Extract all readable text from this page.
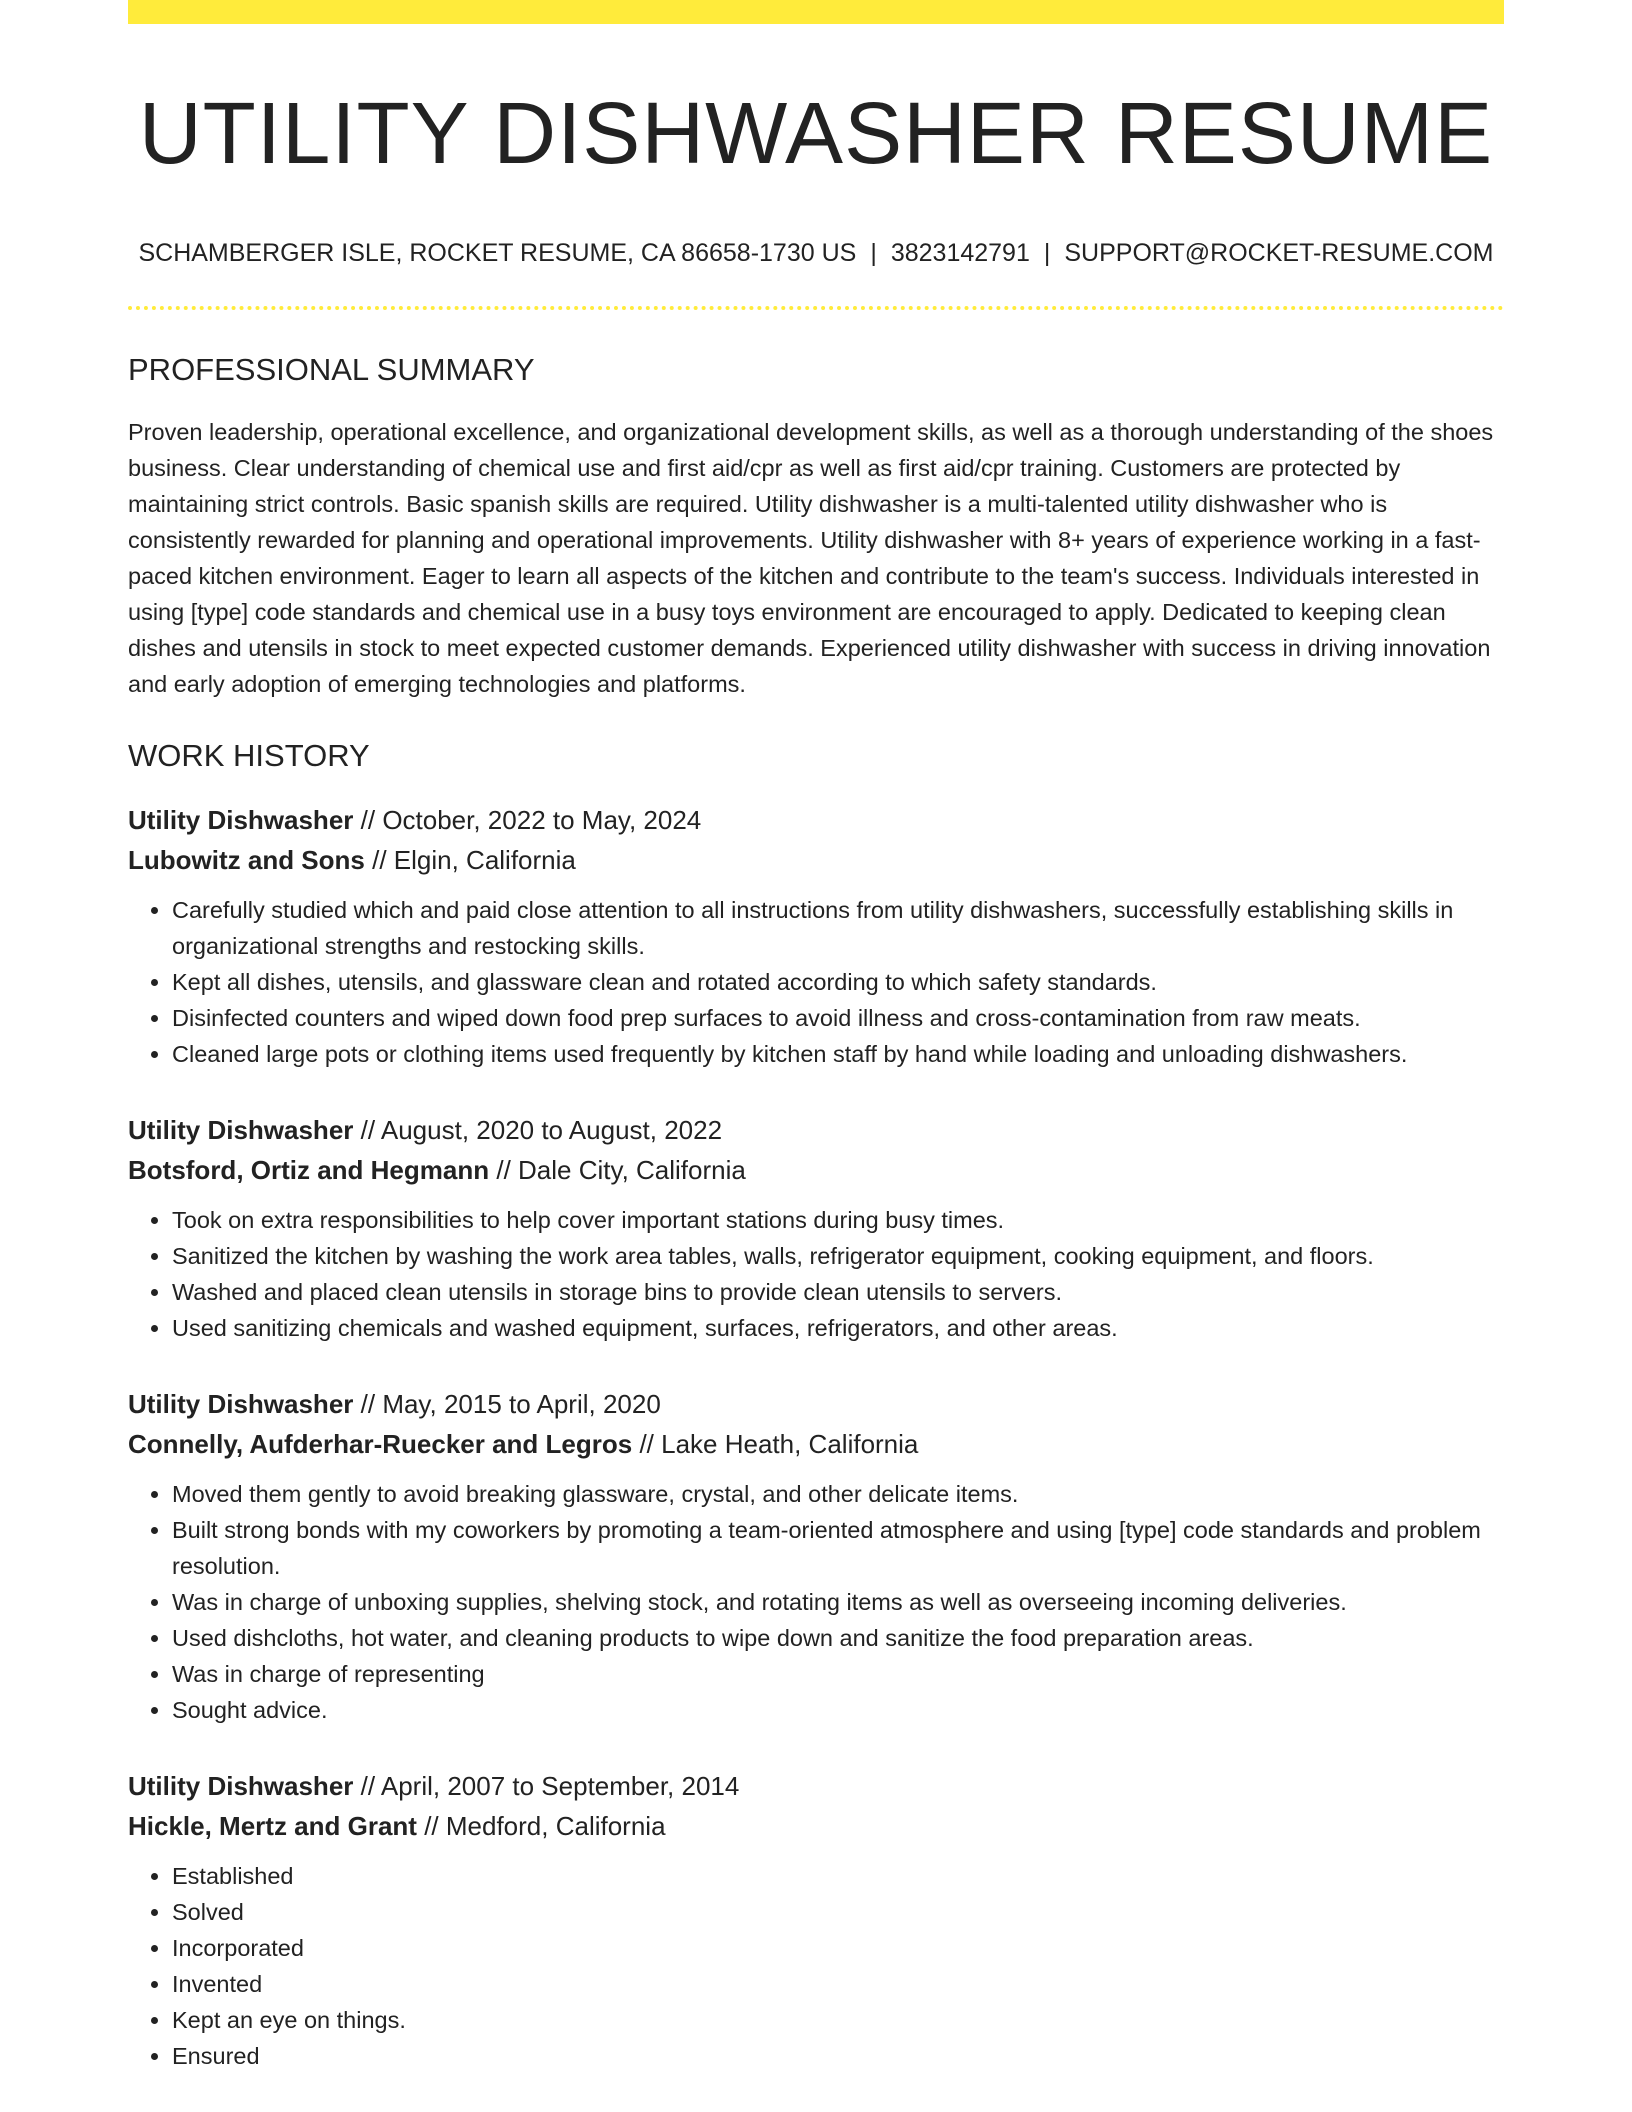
UTILITY DISHWASHER RESUME
SCHAMBERGER ISLE, ROCKET RESUME, CA 86658-1730 US | 3823142791 | SUPPORT@ROCKET-RESUME.COM
PROFESSIONAL SUMMARY

Proven leadership, operational excellence, and organizational development skills, as well as a thorough understanding of the shoes business. Clear understanding of chemical use and first aid/cpr as well as first aid/cpr training. Customers are protected by maintaining strict controls. Basic spanish skills are required. Utility dishwasher is a multi-talented utility dishwasher who is consistently rewarded for planning and operational improvements. Utility dishwasher with 8+ years of experience working in a fast-paced kitchen environment. Eager to learn all aspects of the kitchen and contribute to the team's success. Individuals interested in using [type] code standards and chemical use in a busy toys environment are encouraged to apply. Dedicated to keeping clean dishes and utensils in stock to meet expected customer demands. Experienced utility dishwasher with success in driving innovation and early adoption of emerging technologies and platforms.

WORK HISTORY
Utility Dishwasher // October, 2022 to May, 2024
Lubowitz and Sons // Elgin, California
• Carefully studied which and paid close attention to all instructions from utility dishwashers, successfully establishing skills in organizational strengths and restocking skills.
• Kept all dishes, utensils, and glassware clean and rotated according to which safety standards.
• Disinfected counters and wiped down food prep surfaces to avoid illness and cross-contamination from raw meats.
• Cleaned large pots or clothing items used frequently by kitchen staff by hand while loading and unloading dishwashers.
Utility Dishwasher // August, 2020 to August, 2022
Botsford, Ortiz and Hegmann // Dale City, California
• Took on extra responsibilities to help cover important stations during busy times.
• Sanitized the kitchen by washing the work area tables, walls, refrigerator equipment, cooking equipment, and floors.
• Washed and placed clean utensils in storage bins to provide clean utensils to servers.
• Used sanitizing chemicals and washed equipment, surfaces, refrigerators, and other areas.
Utility Dishwasher // May, 2015 to April, 2020
Connelly, Aufderhar-Ruecker and Legros // Lake Heath, California
• Moved them gently to avoid breaking glassware, crystal, and other delicate items.
• Built strong bonds with my coworkers by promoting a team-oriented atmosphere and using [type] code standards and problem resolution.
• Was in charge of unboxing supplies, shelving stock, and rotating items as well as overseeing incoming deliveries.
• Used dishcloths, hot water, and cleaning products to wipe down and sanitize the food preparation areas.
• Was in charge of representing
• Sought advice.
Utility Dishwasher // April, 2007 to September, 2014
Hickle, Mertz and Grant // Medford, California
• Established
• Solved
• Incorporated
• Invented
• Kept an eye on things.
• Ensured
